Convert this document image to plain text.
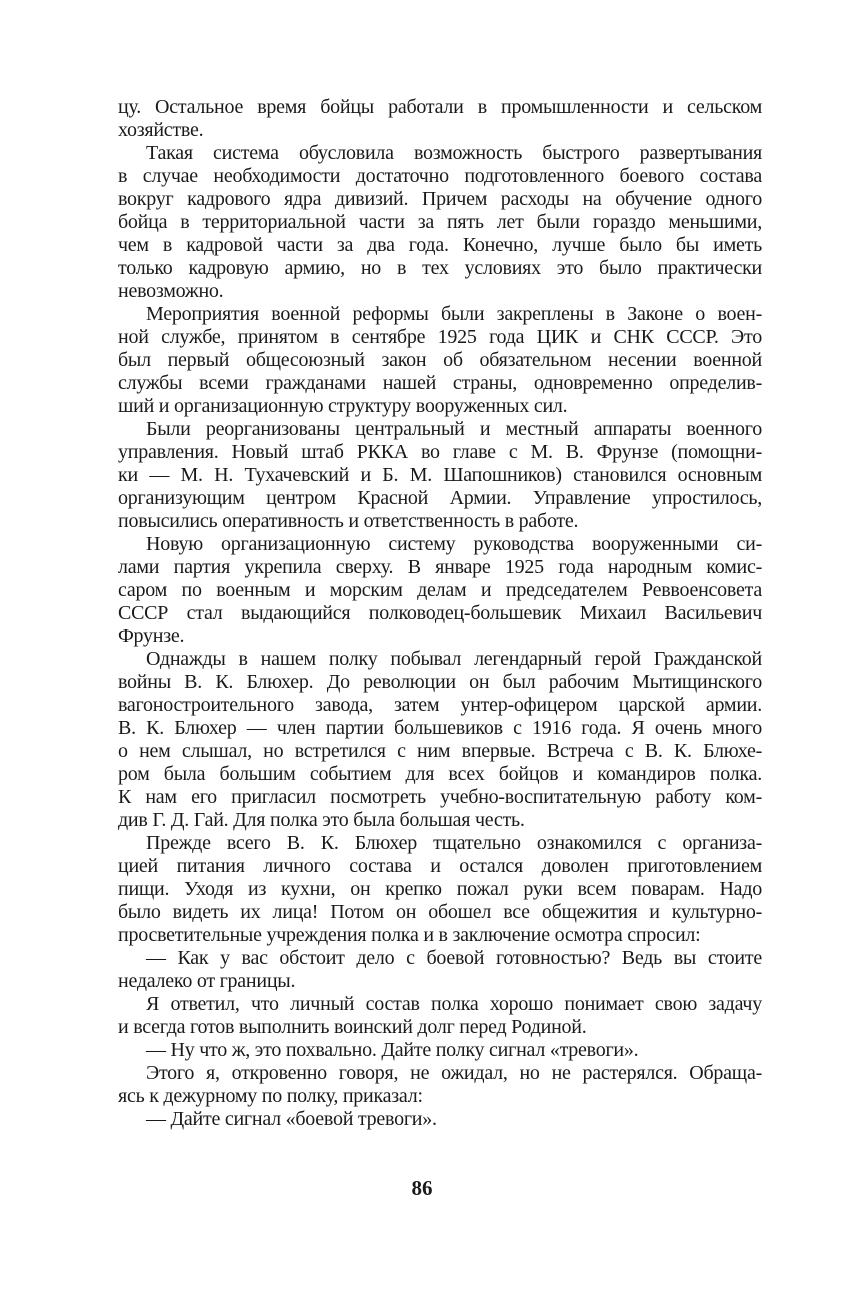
цу. Остальное время бойцы работали в промышленности и сельском
хозяйстве.
Такая система обусловила возможность быстрого развертывания
в случае необходимости достаточно подготовленного боевого состава
вокруг кадрового ядра дивизий. Причем расходы на обучение одного
бойца в территориальной части за пять лет были гораздо меньшими,
чем в кадровой части за два года. Конечно, лучше было бы иметь
только кадровую армию, но в тех условиях это было практически
невозможно.
Мероприятия военной реформы были закреплены в Законе о воен-
ной службе, принятом в сентябре 1925 года ЦИК и СНК СССР. Это
был первый общесоюзный закон об обязательном несении военной
службы всеми гражданами нашей страны, одновременно определив-
ший и организационную структуру вооруженных сил.
Были реорганизованы центральный и местный аппараты военного
управления. Новый штаб РККА во главе с М. В. Фрунзе (помощни-
ки — М. Н. Тухачевский и Б. М. Шапошников) становился основным
организующим центром Красной Армии. Управление упростилось,
повысились оперативность и ответственность в работе.
Новую организационную систему руководства вооруженными си-
лами партия укрепила сверху. В январе 1925 года народным комис-
саром по военным и морским делам и председателем Реввоенсовета
СССР стал выдающийся полководец-большевик Михаил Васильевич
Фрунзе.
Однажды в нашем полку побывал легендарный герой Гражданской
войны В. К. Блюхер. До революции он был рабочим Мытищинского
вагоностроительного завода, затем унтер-офицером царской армии.
В. К. Блюхер — член партии большевиков с 1916 года. Я очень много
о нем слышал, но встретился с ним впервые. Встреча с В. К. Блюхе-
ром была большим событием для всех бойцов и командиров полка.
К нам его пригласил посмотреть учебно-воспитательную работу ком-
див Г. Д. Гай. Для полка это была большая честь.
Прежде всего В. К. Блюхер тщательно ознакомился с организа-
цией питания личного состава и остался доволен приготовлением
пищи. Уходя из кухни, он крепко пожал руки всем поварам. Надо
было видеть их лица! Потом он обошел все общежития и культурно-
просветительные учреждения полка и в заключение осмотра спросил:
— Как у вас обстоит дело с боевой готовностью? Ведь вы стоите
недалеко от границы.
Я ответил, что личный состав полка хорошо понимает свою задачу
и всегда готов выполнить воинский долг перед Родиной.
— Ну что ж, это похвально. Дайте полку сигнал «тревоги».
Этого я, откровенно говоря, не ожидал, но не растерялся. Обраща-
ясь к дежурному по полку, приказал:
— Дайте сигнал «боевой тревоги».
86
